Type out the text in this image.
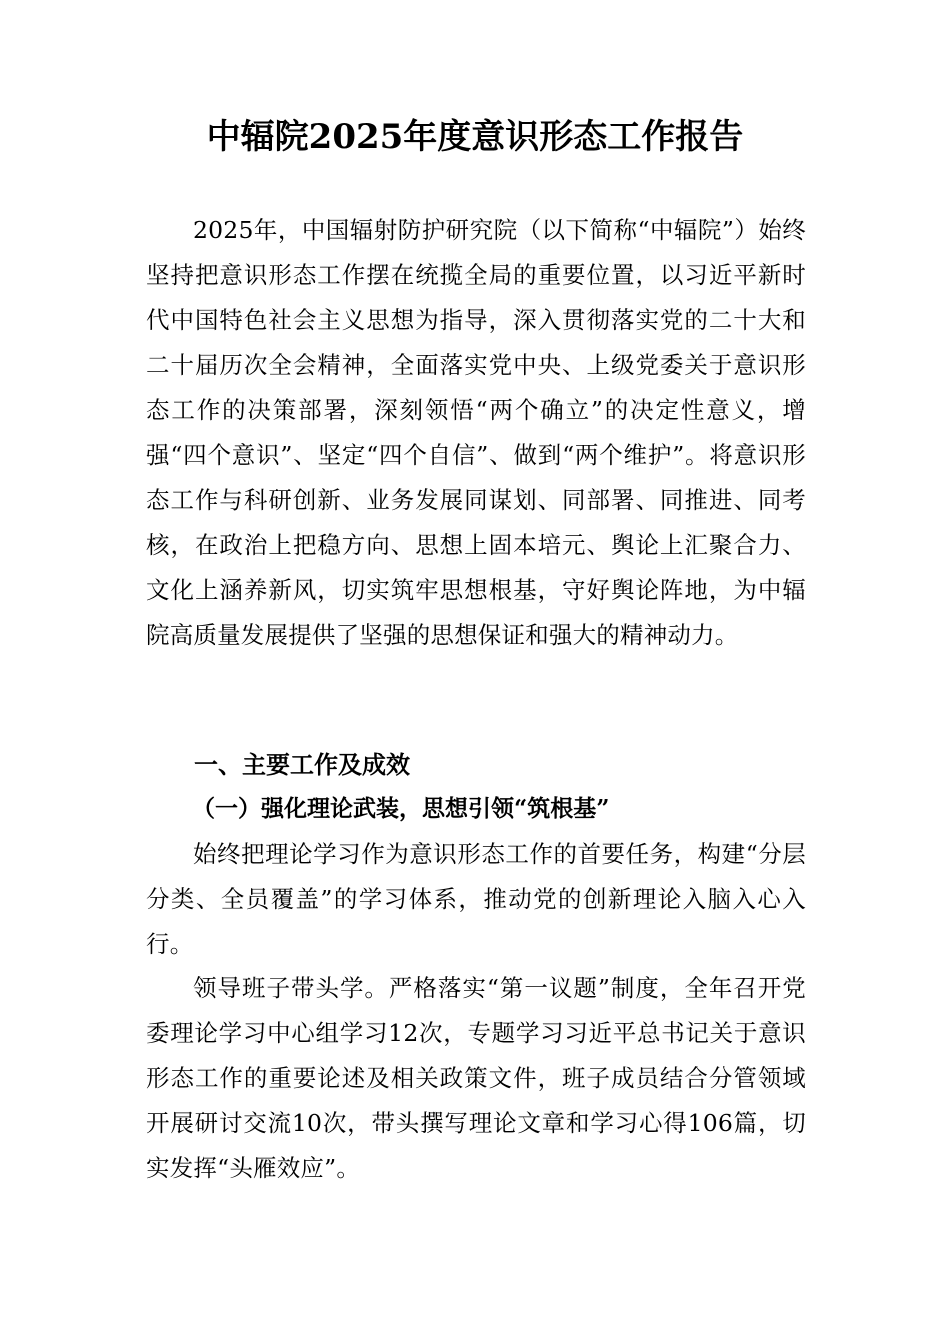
中辐院2025年度意识形态工作报告

2025年，中国辐射防护研究院（以下简称“中辐院”）始终坚持把意识形态工作摆在统揽全局的重要位置，以习近平新时代中国特色社会主义思想为指导，深入贯彻落实党的二十大和二十届历次全会精神，全面落实党中央、上级党委关于意识形态工作的决策部署，深刻领悟“两个确立”的决定性意义，增强“四个意识”、坚定“四个自信”、做到“两个维护”。将意识形态工作与科研创新、业务发展同谋划、同部署、同推进、同考核，在政治上把稳方向、思想上固本培元、舆论上汇聚合力、文化上涵养新风，切实筑牢思想根基，守好舆论阵地，为中辐院高质量发展提供了坚强的思想保证和强大的精神动力。

一、主要工作及成效
（一）强化理论武装，思想引领“筑根基”

始终把理论学习作为意识形态工作的首要任务，构建“分层分类、全员覆盖”的学习体系，推动党的创新理论入脑入心入行。

领导班子带头学。严格落实“第一议题”制度，全年召开党委理论学习中心组学习12次，专题学习习近平总书记关于意识形态工作的重要论述及相关政策文件，班子成员结合分管领域开展研讨交流10次，带头撰写理论文章和学习心得106篇，切实发挥“头雁效应”。
